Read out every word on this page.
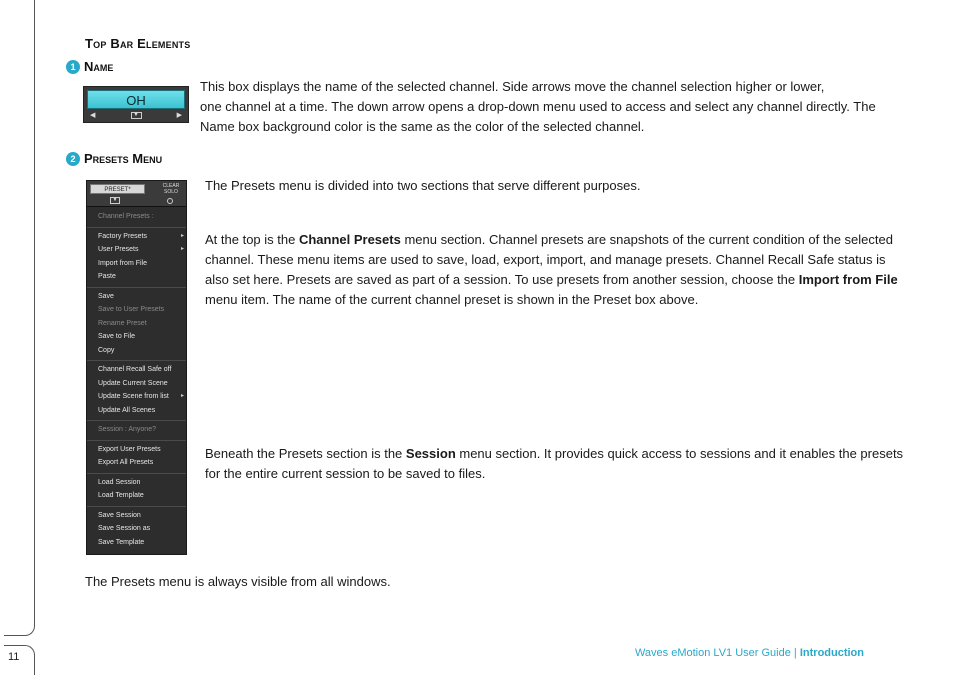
11
Top Bar Elements
1 Name
OH
◀	▼	▶
This box displays the name of the selected channel. Side arrows move the channel selection higher or lower,
one channel at a time. The down arrow opens a drop-down menu used to access and select any channel directly. The
Name box background color is the same as the color of the selected channel.
2 Presets Menu
PRESET*
▼
CLEAR
SOLO
Channel Presets :
Factory Presets ▸
User Presets ▸
Import from File
Paste
Save
Save to User Presets
Rename Preset
Save to File
Copy
Channel Recall Safe off
Update Current Scene
Update Scene from list ▸
Update All Scenes
Session : Anyone?
Export User Presets
Export All Presets
Load Session
Load Template
Save Session
Save Session as
Save Template
The Presets menu is divided into two sections that serve different purposes.
At the top is the Channel Presets menu section. Channel presets are snapshots of the current condition of the selected channel. These menu items are used to save, load, export, import, and manage presets. Channel Recall Safe status is also set here. Presets are saved as part of a session. To use presets from another session, choose the Import from File menu item. The name of the current channel preset is shown in the Preset box above.
Beneath the Presets section is the Session menu section. It provides quick access to sessions and it enables the presets for the entire current session to be saved to files.
The Presets menu is always visible from all windows.
Waves eMotion LV1 User Guide | Introduction
